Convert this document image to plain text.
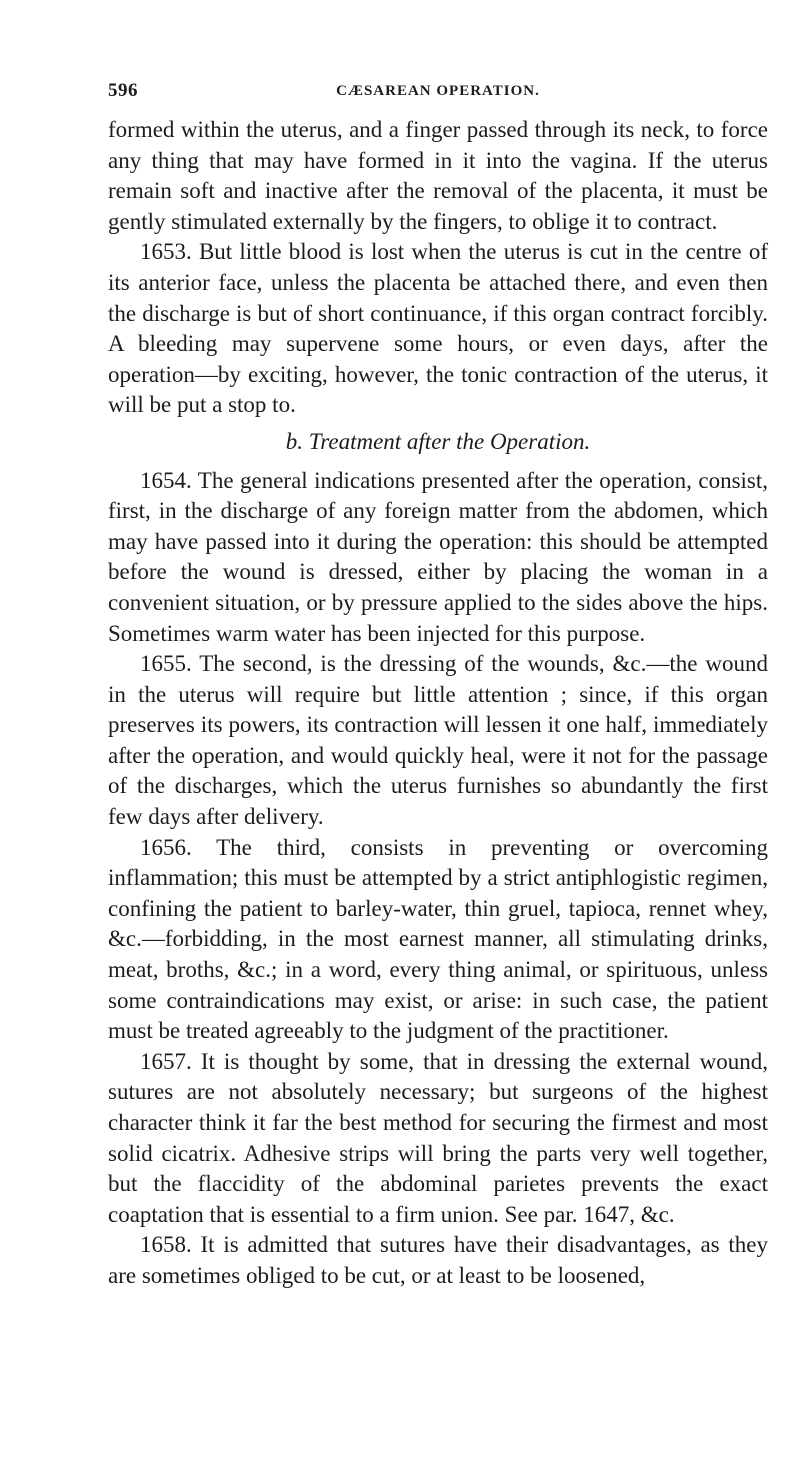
596	CÆSAREAN OPERATION.

formed within the uterus, and a finger passed through its neck, to force any thing that may have formed in it into the vagina. If the uterus remain soft and inactive after the removal of the placenta, it must be gently stimulated externally by the fingers, to oblige it to contract.

1653. But little blood is lost when the uterus is cut in the centre of its anterior face, unless the placenta be attached there, and even then the discharge is but of short continuance, if this organ contract forcibly. A bleeding may supervene some hours, or even days, after the operation—by exciting, however, the tonic contraction of the uterus, it will be put a stop to.

b. Treatment after the Operation.

1654. The general indications presented after the operation, consist, first, in the discharge of any foreign matter from the abdomen, which may have passed into it during the operation: this should be attempted before the wound is dressed, either by placing the woman in a convenient situation, or by pressure applied to the sides above the hips. Sometimes warm water has been injected for this purpose.

1655. The second, is the dressing of the wounds, &c.—the wound in the uterus will require but little attention ; since, if this organ preserves its powers, its contraction will lessen it one half, immediately after the operation, and would quickly heal, were it not for the passage of the discharges, which the uterus furnishes so abundantly the first few days after delivery.

1656. The third, consists in preventing or overcoming inflammation; this must be attempted by a strict antiphlogistic regimen, confining the patient to barley-water, thin gruel, tapioca, rennet whey, &c.—forbidding, in the most earnest manner, all stimulating drinks, meat, broths, &c.; in a word, every thing animal, or spirituous, unless some contraindications may exist, or arise: in such case, the patient must be treated agreeably to the judgment of the practitioner.

1657. It is thought by some, that in dressing the external wound, sutures are not absolutely necessary; but surgeons of the highest character think it far the best method for securing the firmest and most solid cicatrix. Adhesive strips will bring the parts very well together, but the flaccidity of the abdominal parietes prevents the exact coaptation that is essential to a firm union. See par. 1647, &c.

1658. It is admitted that sutures have their disadvantages, as they are sometimes obliged to be cut, or at least to be loosened,
